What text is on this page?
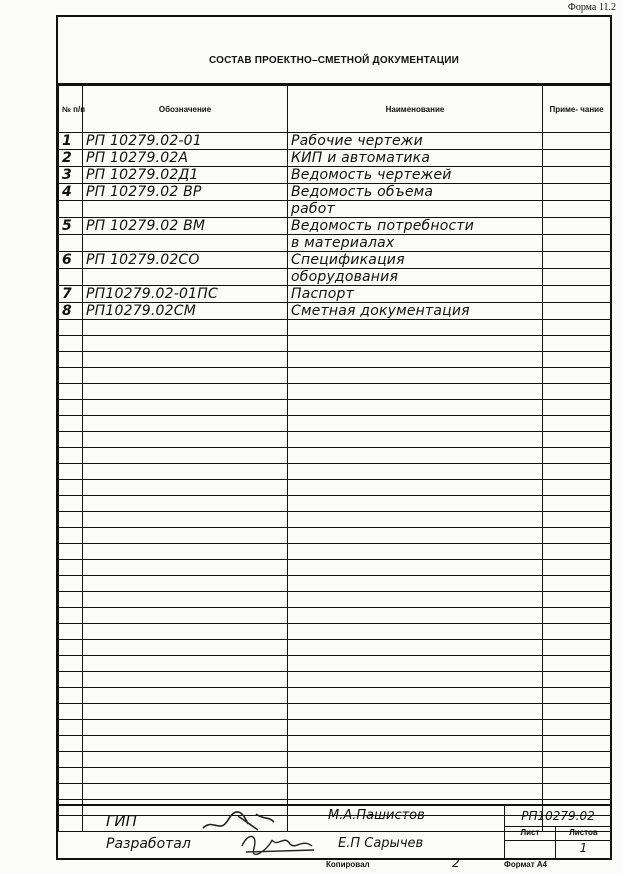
Форма 11.2
СОСТАВ ПРОЕКТНО–СМЕТНОЙ ДОКУМЕНТАЦИИ
№ п/п	Обозначение	Наименование	Приме- чание
1	РП 10279.02-01	Рабочие чертежи	
2	РП 10279.02А	КИП и автоматика	
3	РП 10279.02Д1	Ведомость чертежей	
4	РП 10279.02 ВР	Ведомость объема	
		работ	
5	РП 10279.02 ВМ	Ведомость потребности	
		в материалах	
6	РП 10279.02СО	Спецификация	
		оборудования	
7	РП10279.02-01ПС	Паспорт	
8	РП10279.02СМ	Сметная документация	

ГИП	М.А.Пашистов
Разработал	Е.П Сарычев
РП10279.02
Лист	Листов
1
Копировал	2	Формат А4
